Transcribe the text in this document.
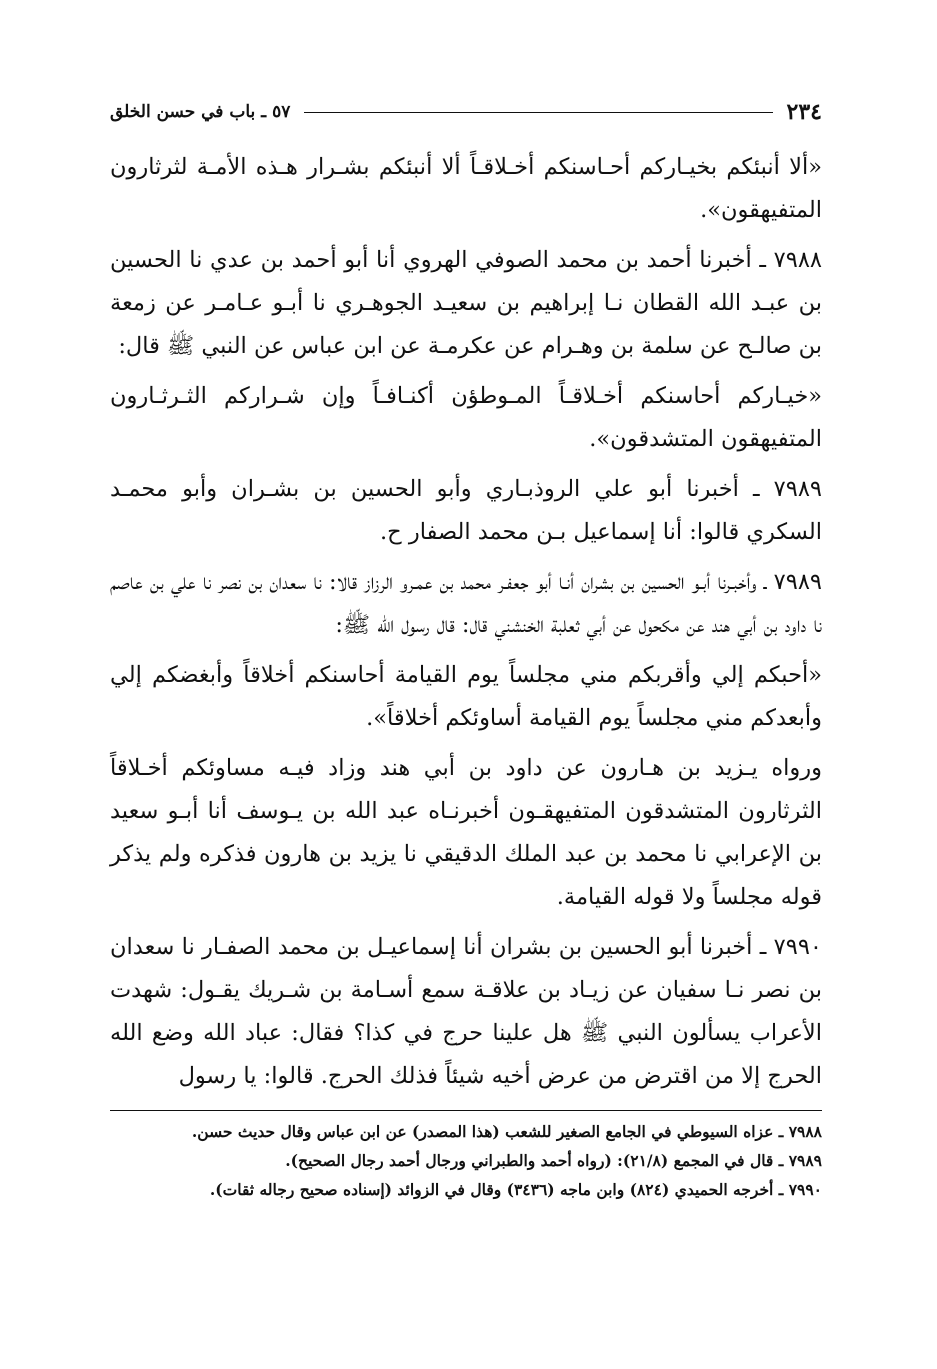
٢٣٤
٥٧ ـ باب في حسن الخلق

«ألا أنبئكم بخيـاركم أحـاسنكم أخـلاقـاً ألا أنبئكم بشـرار هـذه الأمـة لثرثارون المتفيهقون».

٧٩٨٨ ـ أخبرنا أحمد بن محمد الصوفي الهروي أنا أبو أحمد بن عدي نا الحسين بن عبـد الله القطان نـا إبراهيم بن سعيـد الجوهـري نا أبـو عـامـر عن زمعة بن صالـح عن سلمة بن وهـرام عن عكرمـة عن ابن عباس عن النبي ﷺ قال:

«خيـاركم أحاسنكم أخـلاقـاً المـوطؤن أكنـافـاً وإن شـراركم الثـرثـارون المتفيهقون المتشدقون».

٧٩٨٩ ـ أخبرنا أبو علي الروذبـاري وأبو الحسين بن بشـران وأبو محمـد السكري قالوا: أنا إسماعيل بـن محمد الصفار ح.

٧٩٨٩ ـ وأخبـرنا أبـو الحسين بن بشران أنـا أبو جعفـر محمد بن عمـرو الرزاز قالا: نا سعدان بن نصر نا علي بن عاصم نا داود بن أبي هند عن مكحول عن أبي ثعلبة الخنشني قال: قال رسول الله ﷺ:

«أحبكم إلي وأقربكم مني مجلساً يوم القيامة أحاسنكم أخلاقاً وأبغضكم إلي وأبعدكم مني مجلساً يوم القيامة أساوئكم أخلاقاً».

ورواه يـزيد بن هـارون عن داود بن أبي هند وزاد فيـه مساوئكم أخـلاقاً الثرثارون المتشدقون المتفيهقـون أخبرنـاه عبد الله بن يـوسف أنا أبـو سعيد بن الإعرابي نا محمد بن عبد الملك الدقيقي نا يزيد بن هارون فذكره ولم يذكر قوله مجلساً ولا قوله القيامة.

٧٩٩٠ ـ أخبرنا أبو الحسين بن بشران أنا إسماعيـل بن محمد الصفـار نا سعدان بن نصر نـا سفيان عن زيـاد بن علاقـة سمع أسـامة بن شـريك يقـول: شهدت الأعراب يسألون النبي ﷺ هل علينا حرج في كذا؟ فقال: عباد الله وضع الله الحرج إلا من اقترض من عرض أخيه شيئاً فذلك الحرج. قالوا: يا رسول

٧٩٨٨ ـ عزاه السيوطي في الجامع الصغير للشعب (هذا المصدر) عن ابن عباس وقال حديث حسن.

٧٩٨٩ ـ قال في المجمع (٢١/٨): (رواه أحمد والطبراني ورجال أحمد رجال الصحيح).

٧٩٩٠ ـ أخرجه الحميدي (٨٢٤) وابن ماجه (٣٤٣٦) وقال في الزوائد (إسناده صحيح رجاله ثقات).
